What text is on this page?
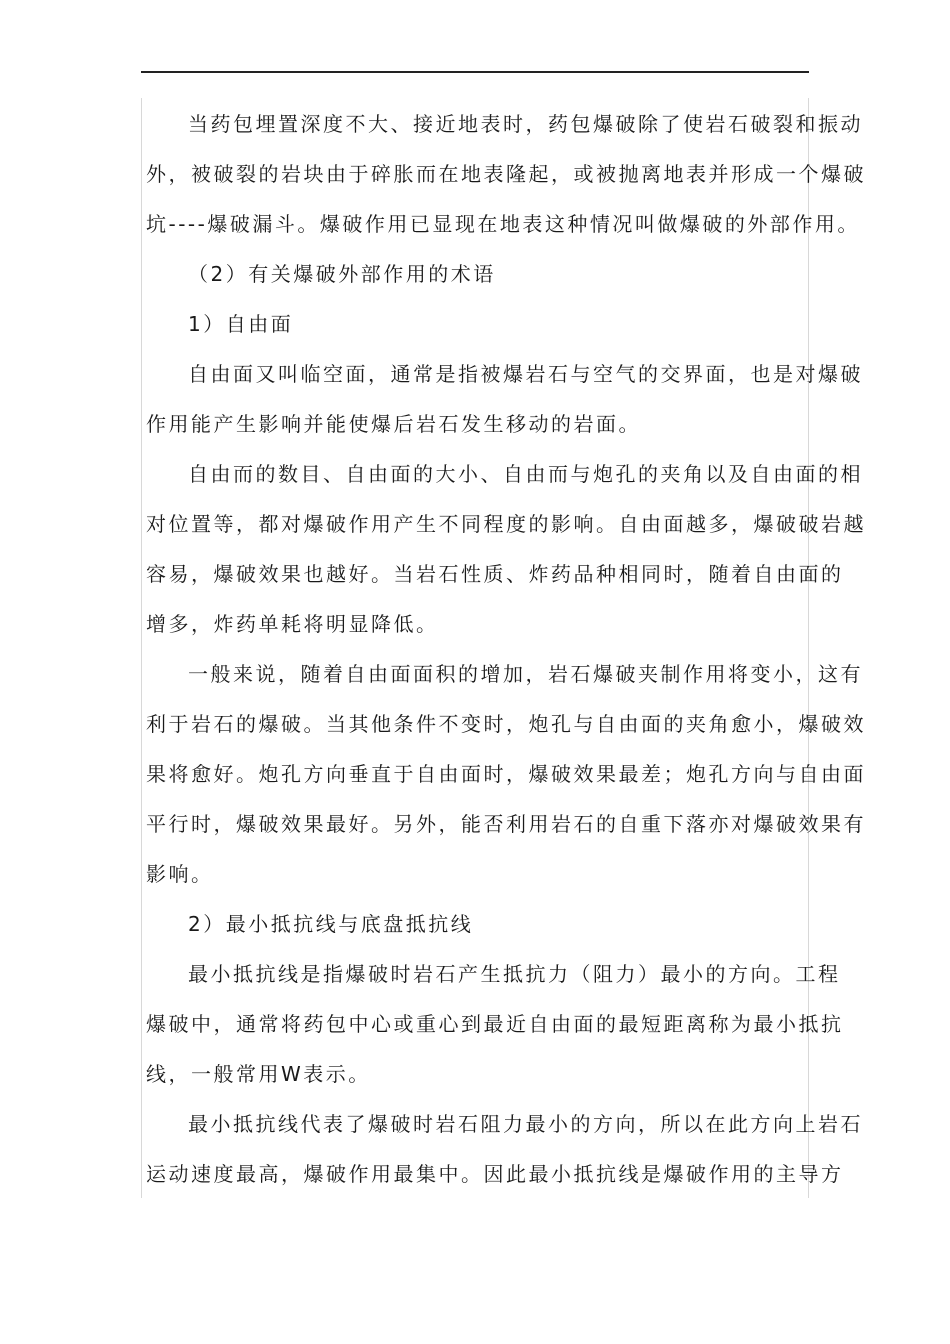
当药包埋置深度不大、接近地表时，药包爆破除了使岩石破裂和振动
外，被破裂的岩块由于碎胀而在地表隆起，或被抛离地表并形成一个爆破
坑----爆破漏斗。爆破作用已显现在地表这种情况叫做爆破的外部作用。
（2）有关爆破外部作用的术语
1）自由面
自由面又叫临空面，通常是指被爆岩石与空气的交界面，也是对爆破
作用能产生影响并能使爆后岩石发生移动的岩面。
自由而的数目、自由面的大小、自由而与炮孔的夹角以及自由面的相
对位置等，都对爆破作用产生不同程度的影响。自由面越多，爆破破岩越
容易，爆破效果也越好。当岩石性质、炸药品种相同时，随着自由面的
增多，炸药单耗将明显降低。
一般来说，随着自由面面积的增加，岩石爆破夹制作用将变小，这有
利于岩石的爆破。当其他条件不变时，炮孔与自由面的夹角愈小，爆破效
果将愈好。炮孔方向垂直于自由面时，爆破效果最差；炮孔方向与自由面
平行时，爆破效果最好。另外，能否利用岩石的自重下落亦对爆破效果有
影响。
2）最小抵抗线与底盘抵抗线
最小抵抗线是指爆破时岩石产生抵抗力（阻力）最小的方向。工程
爆破中，通常将药包中心或重心到最近自由面的最短距离称为最小抵抗
线，一般常用W表示。
最小抵抗线代表了爆破时岩石阻力最小的方向，所以在此方向上岩石
运动速度最高，爆破作用最集中。因此最小抵抗线是爆破作用的主导方
